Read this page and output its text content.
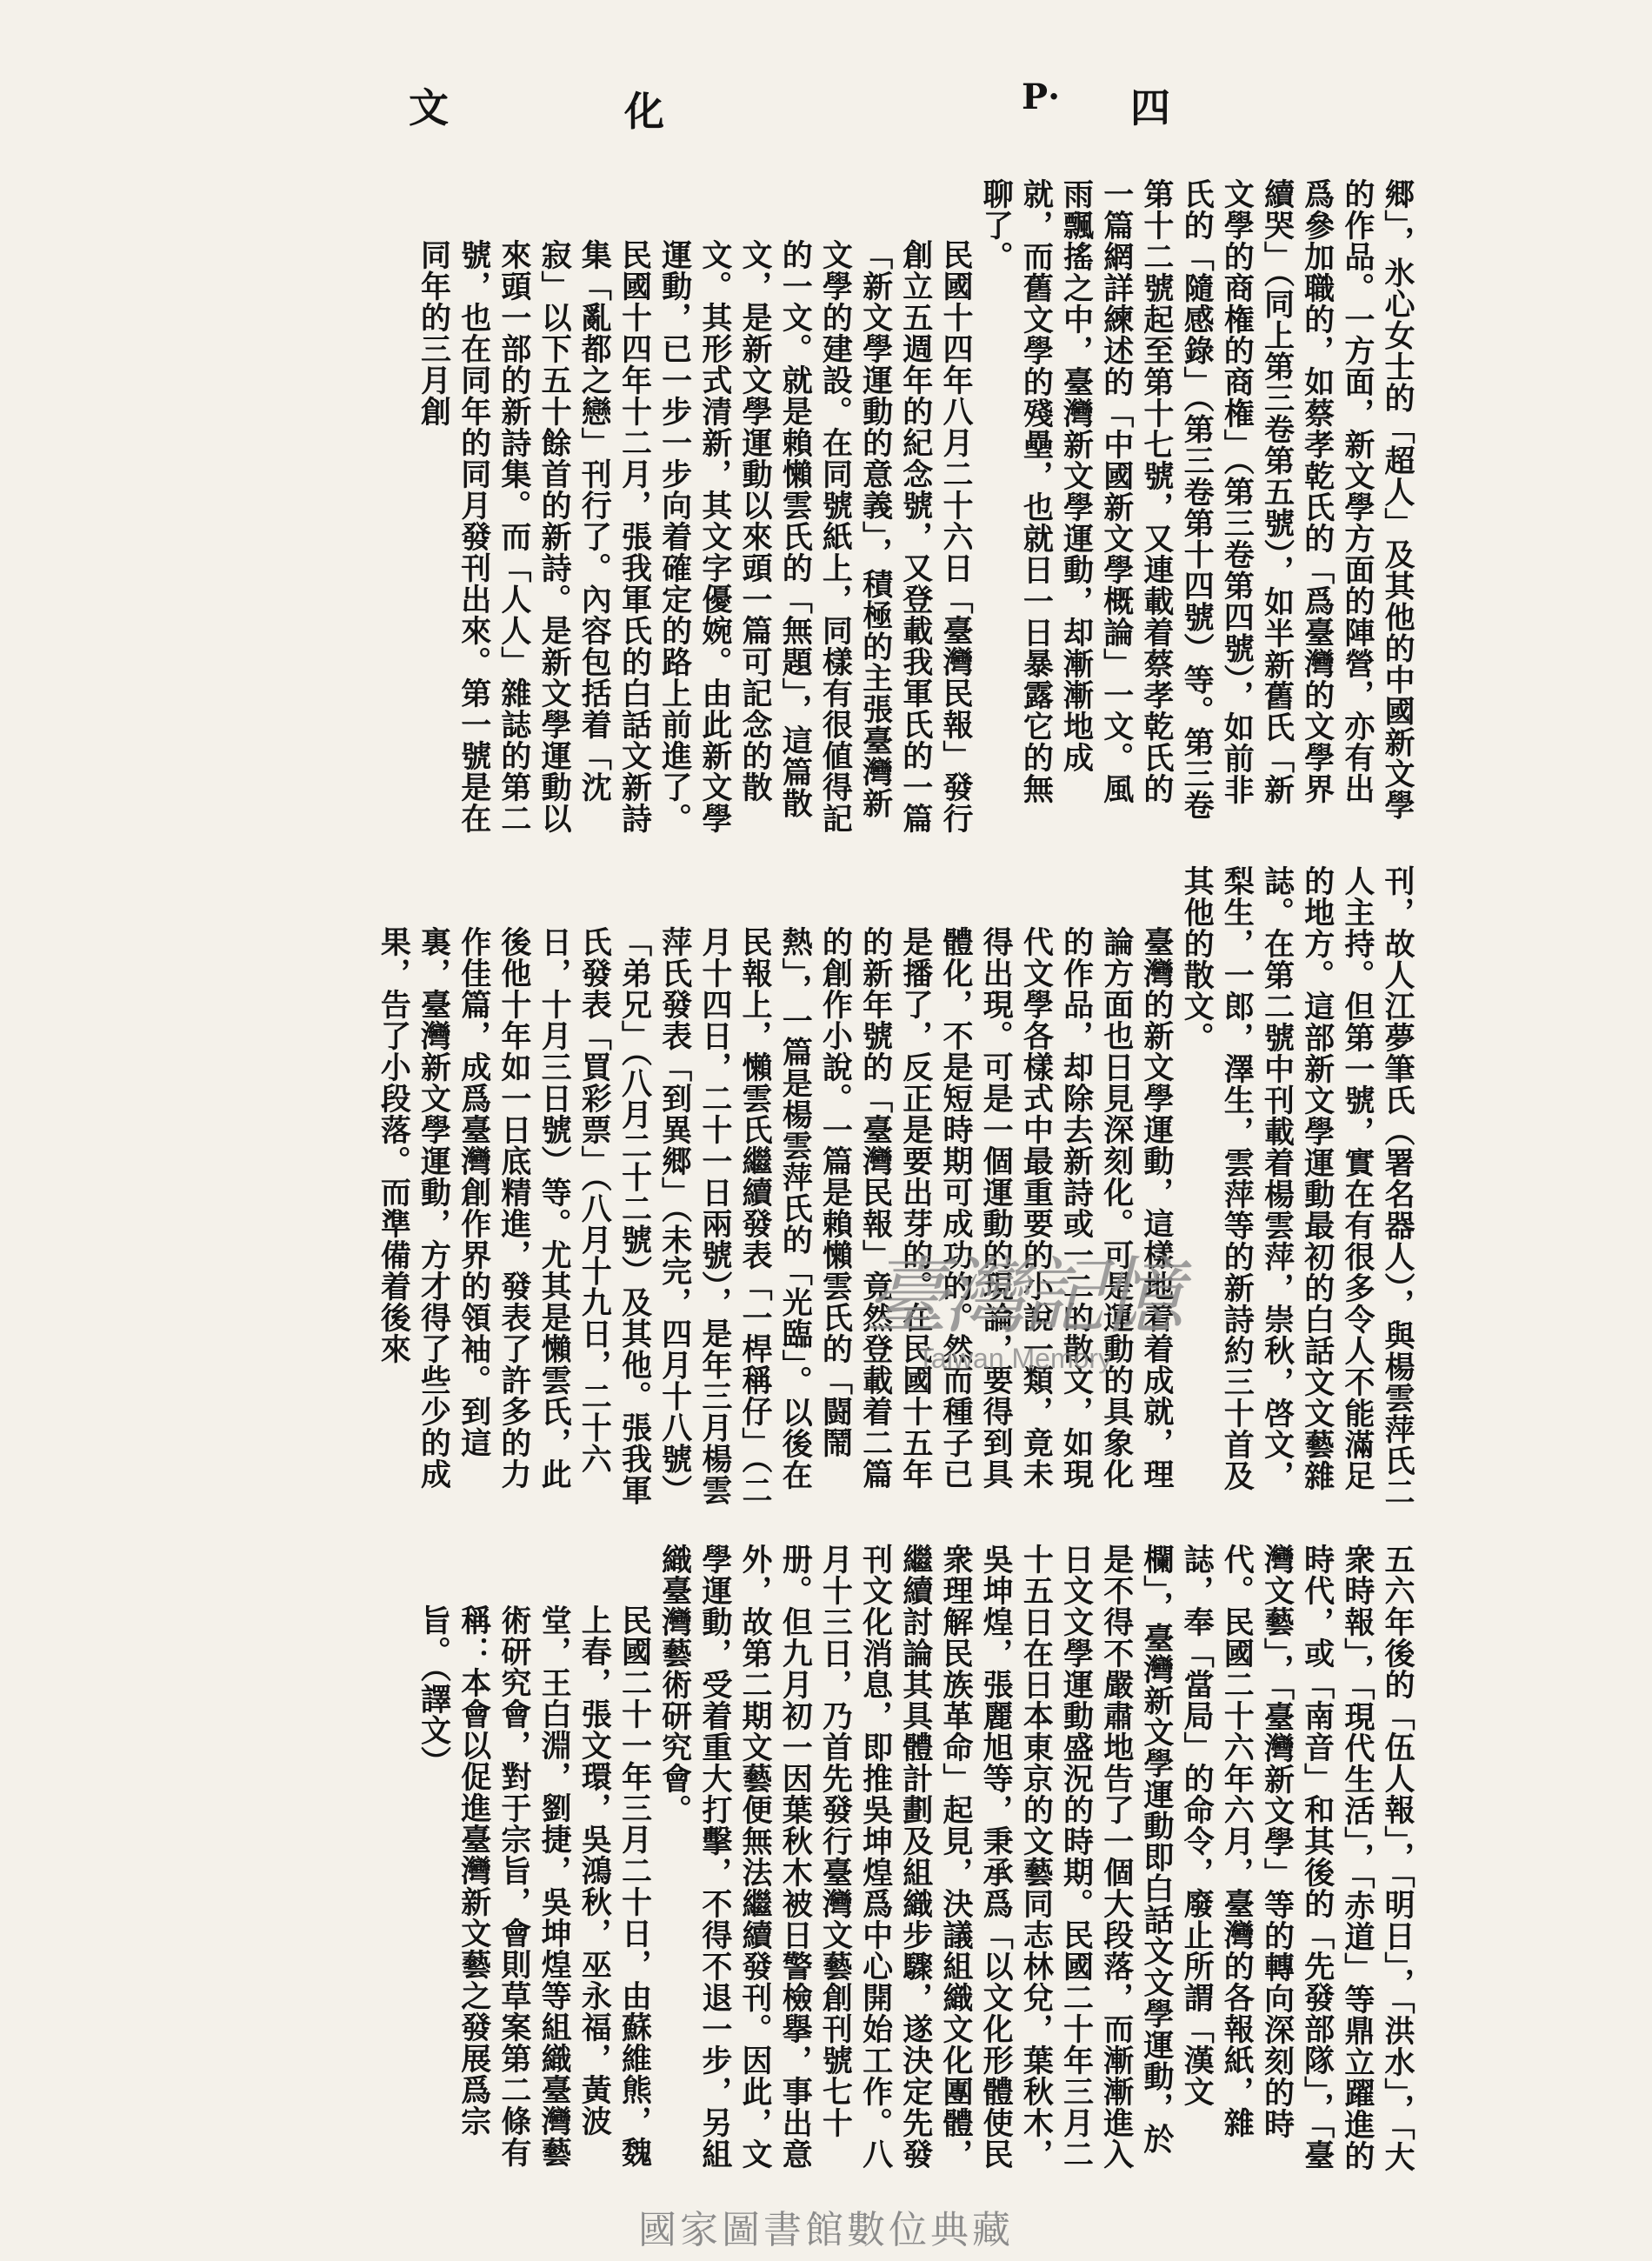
文	化	P· 四

郷」，氷心女士的「超人」及其他的中國新文學的作品。一方面，新文學方面的陣營，亦有出爲參加職的，如蔡孝乾氏的「爲臺灣的文學界續哭」（同上第三卷第五號），如半新舊氏「新文學的商権的商権」（第三卷第四號），如前非氏的「隨感錄」（第三卷第十四號）等。第三卷第十二號起至第十七號，又連載着蔡孝乾氏的一篇網詳練述的「中國新文學概論」一文。風雨飄搖之中，臺灣新文學運動，却漸漸地成就，而舊文學的殘壘，也就日一日暴露它的無聊了。

民國十四年八月二十六日「臺灣民報」發行創立五週年的紀念號，又登載我軍氏的一篇「新文學運動的意義」，積極的主張臺灣新文學的建設。在同號紙上，同樣有很値得記的一文。就是賴懶雲氏的「無題」，這篇散文，是新文學運動以來頭一篇可記念的散文。其形式清新，其文字優婉。由此新文學運動，已一步一步向着確定的路上前進了。

民國十四年十二月，張我軍氏的白話文新詩集「亂都之戀」刊行了。內容包括着「沈寂」以下五十餘首的新詩。是新文學運動以來頭一部的新詩集。而「人人」雜誌的第二號，也在同年的同月發刊出來。第一號是在同年的三月創

刊，故人江夢筆氏（署名器人），與楊雲萍氏二人主持。但第一號，實在有很多令人不能滿足的地方。這部新文學運動最初的白話文文藝雜誌。在第二號中刊載着楊雲萍，崇秋，啓文，梨生，一郎，澤生，雲萍等的新詩約三十首及其他的散文。

臺灣的新文學運動，這樣地着着成就，理論方面也日見深刻化。可是運動的具象化的作品，却除去新詩或一二的散文，如現代文學各樣式中最重要的小說一類，竟未得出現。可是一個運動的現論，要得到具體化，不是短時期可成功的。然而種子已是播了，反正是要出芽的。在民國十五年的新年號的「臺灣民報」竟然登載着二篇的創作小說。一篇是賴懶雲氏的「闘鬧熱」，一篇是楊雲萍氏的「光臨」。以後在民報上，懶雲氏繼續發表「一桿稱仔」（二月十四日，二十一日兩號），是年三月楊雲萍氏發表「到異郷」（未完，四月十八號）「弟兄」（八月二十二號）及其他。張我軍氏發表「買彩票」（八月十九日，二十六日，十月三日號）等。尤其是懶雲氏，此後他十年如一日底精進，發表了許多的力作佳篇，成爲臺灣創作界的領袖。到這裏，臺灣新文學運動，方才得了些少的成果，告了小段落。而準備着後來

五六年後的「伍人報」，「明日」，「洪水」，「大衆時報」，「現代生活」，「赤道」等鼎立躍進的時代，或「南音」和其後的「先發部隊」，「臺灣文藝」，「臺灣新文學」等的轉向深刻的時代。民國二十六年六月，臺灣的各報紙，雜誌，奉「當局」的命令，廢止所謂「漢文欄」，臺灣新文學運動即白話文文學運動，於是不得不嚴肅地告了一個大段落，而漸漸進入日文文學運動盛況的時期。民國二十年三月二十五日在日本東京的文藝同志林兌，葉秋木，吳坤煌，張麗旭等，秉承爲「以文化形體使民衆理解民族革命」起見，決議組織文化團體，繼續討論其具體計劃及組織步驟，遂決定先發刊文化消息，即推吳坤煌爲中心開始工作。八月十三日，乃首先發行臺灣文藝創刊號七十册。但九月初一因葉秋木被日警檢擧，事出意外，故第二期文藝便無法繼續發刊。因此，文學運動，受着重大打擊，不得不退一步，另組織臺灣藝術研究會。

民國二十一年三月二十日，由蘇維熊，魏上春，張文環，吳鴻秋，巫永福，黃波堂，王白淵，劉捷，吳坤煌等組織臺灣藝術研究會，對于宗旨，會則草案第二條有稱：本會以促進臺灣新文藝之發展爲宗旨。（譯文）

臺灣記憶
Taiwan Memory
國家圖書館數位典藏
